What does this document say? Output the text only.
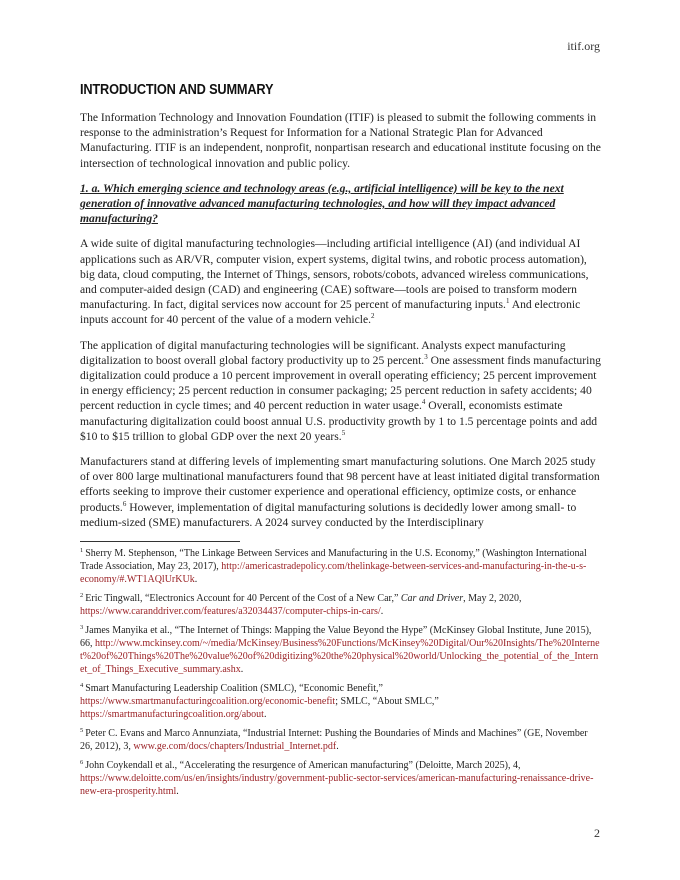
itif.org
INTRODUCTION AND SUMMARY

The Information Technology and Innovation Foundation (ITIF) is pleased to submit the following comments in response to the administration’s Request for Information for a National Strategic Plan for Advanced Manufacturing. ITIF is an independent, nonprofit, nonpartisan research and educational institute focusing on the intersection of technological innovation and public policy.

1. a. Which emerging science and technology areas (e.g., artificial intelligence) will be key to the next generation of innovative advanced manufacturing technologies, and how will they impact advanced manufacturing?

A wide suite of digital manufacturing technologies—including artificial intelligence (AI) (and individual AI applications such as AR/VR, computer vision, expert systems, digital twins, and robotic process automation), big data, cloud computing, the Internet of Things, sensors, robots/cobots, advanced wireless communications, and computer-aided design (CAD) and engineering (CAE) software—tools are poised to transform modern manufacturing. In fact, digital services now account for 25 percent of manufacturing inputs.$^1$ And electronic inputs account for 40 percent of the value of a modern vehicle.$^2$

The application of digital manufacturing technologies will be significant. Analysts expect manufacturing digitalization to boost overall global factory productivity up to 25 percent.$^3$ One assessment finds manufacturing digitalization could produce a 10 percent improvement in overall operating efficiency; 25 percent improvement in energy efficiency; 25 percent reduction in consumer packaging; 25 percent reduction in safety accidents; 40 percent reduction in cycle times; and 40 percent reduction in water usage.$^4$ Overall, economists estimate manufacturing digitalization could boost annual U.S. productivity growth by 1 to 1.5 percentage points and add $10 to $15 trillion to global GDP over the next 20 years.$^5$

Manufacturers stand at differing levels of implementing smart manufacturing solutions. One March 2025 study of over 800 large multinational manufacturers found that 98 percent have at least initiated digital transformation efforts seeking to improve their customer experience and operational efficiency, optimize costs, or enhance products.$^6$ However, implementation of digital manufacturing solutions is decidedly lower among small- to medium-sized (SME) manufacturers. A 2024 survey conducted by the Interdisciplinary

$^1$ Sherry M. Stephenson, “The Linkage Between Services and Manufacturing in the U.S. Economy,” (Washington International Trade Association, May 23, 2017), http://americastradepolicy.com/thelinkage-between-services-and-manufacturing-in-the-u-s-economy/#.WT1AQlUrKUk.

$^2$ Eric Tingwall, “Electronics Account for 40 Percent of the Cost of a New Car,” Car and Driver, May 2, 2020, https://www.caranddriver.com/features/a32034437/computer-chips-in-cars/.

$^3$ James Manyika et al., “The Internet of Things: Mapping the Value Beyond the Hype” (McKinsey Global Institute, June 2015), 66, http://www.mckinsey.com/~/media/McKinsey/Business%20Functions/McKinsey%20Digital/Our%20Insights/The%20Internet%20of%20Things%20The%20value%20of%20digitizing%20the%20physical%20world/Unlocking_the_potential_of_the_Internet_of_Things_Executive_summary.ashx.

$^4$ Smart Manufacturing Leadership Coalition (SMLC), “Economic Benefit,” https://www.smartmanufacturingcoalition.org/economic-benefit; SMLC, “About SMLC,” https://smartmanufacturingcoalition.org/about.

$^5$ Peter C. Evans and Marco Annunziata, “Industrial Internet: Pushing the Boundaries of Minds and Machines” (GE, November 26, 2012), 3, www.ge.com/docs/chapters/Industrial_Internet.pdf.

$^6$ John Coykendall et al., “Accelerating the resurgence of American manufacturing” (Deloitte, March 2025), 4, https://www.deloitte.com/us/en/insights/industry/government-public-sector-services/american-manufacturing-renaissance-drive-new-era-prosperity.html.

2
